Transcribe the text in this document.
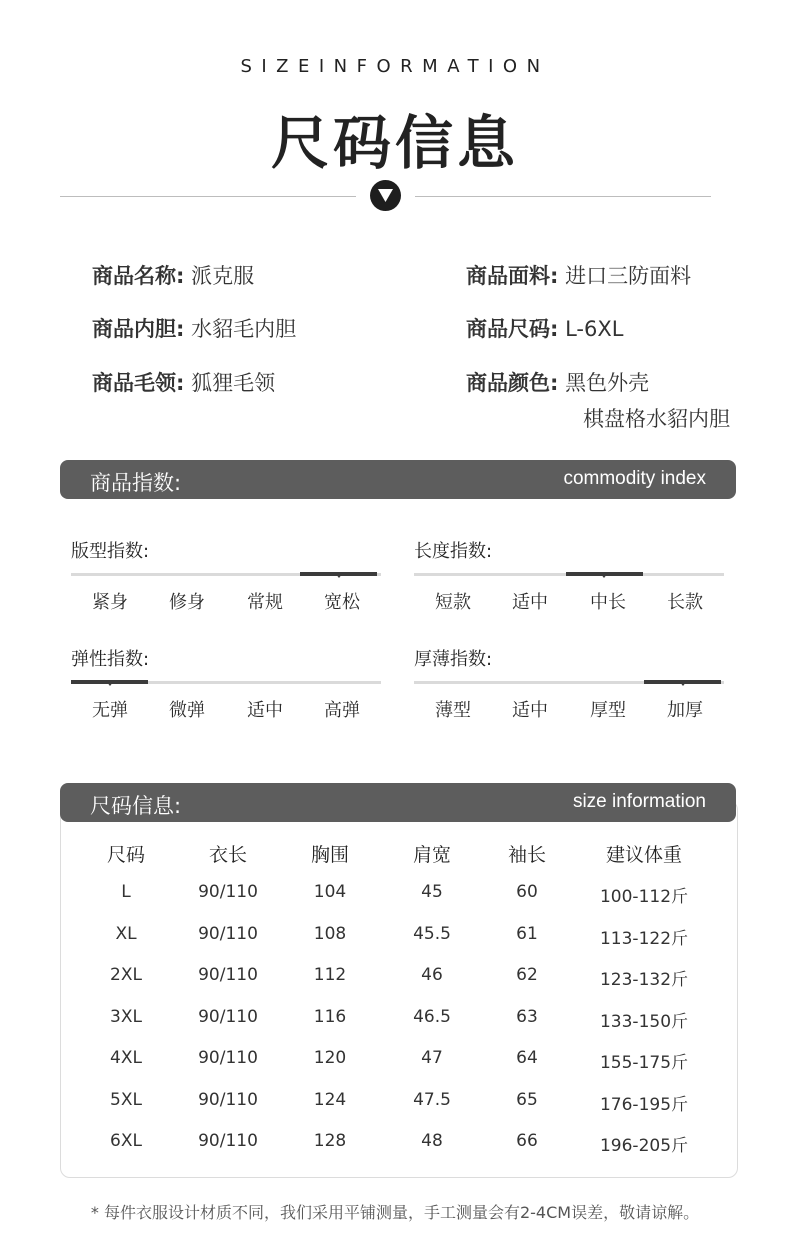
SIZEINFORMATION
尺码信息
商品名称: 派克服
商品内胆: 水貂毛内胆
商品毛领: 狐狸毛领
商品面料: 进口三防面料
商品尺码: L-6XL
商品颜色: 黑色外壳
棋盘格水貂内胆
商品指数:	commodity index
版型指数:
紧身	修身	常规	宽松
长度指数:
短款	适中	中长	长款
弹性指数:
无弹	微弹	适中	高弹
厚薄指数:
薄型	适中	厚型	加厚
尺码信息:	size information
尺码	衣长	胸围	肩宽	袖长	建议体重
L	90/110	104	45	60	100-112斤
XL	90/110	108	45.5	61	113-122斤
2XL	90/110	112	46	62	123-132斤
3XL	90/110	116	46.5	63	133-150斤
4XL	90/110	120	47	64	155-175斤
5XL	90/110	124	47.5	65	176-195斤
6XL	90/110	128	48	66	196-205斤
* 每件衣服设计材质不同，我们采用平铺测量，手工测量会有2-4CM误差，敬请谅解。
